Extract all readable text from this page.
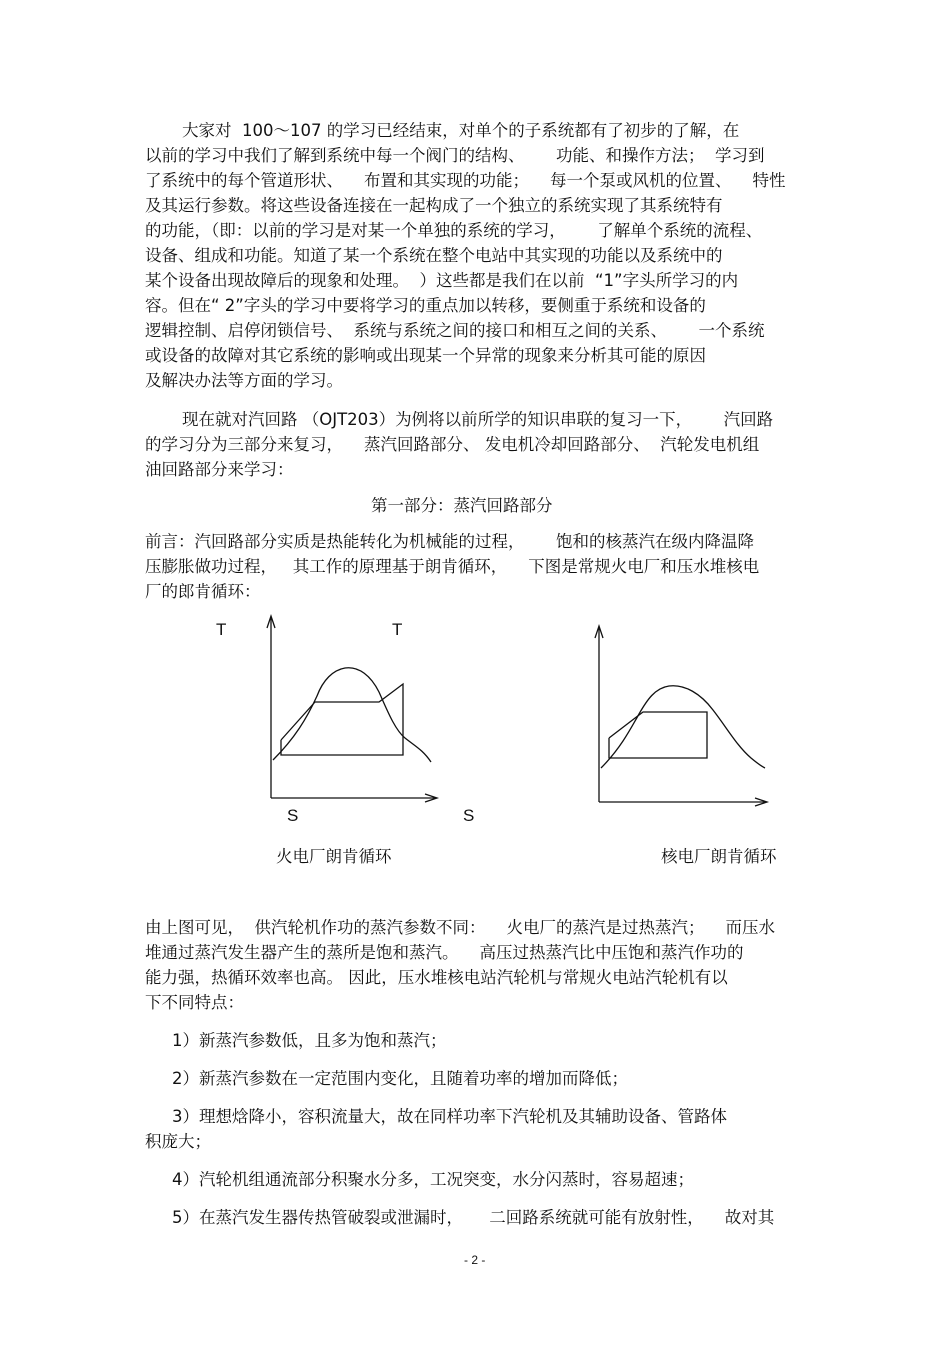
大家对  100～107 的学习已经结束，对单个的子系统都有了初步的了解，在
以前的学习中我们了解到系统中每一个阀门的结构、      功能、和操作方法；  学习到
了系统中的每个管道形状、    布置和其实现的功能；    每一个泵或风机的位置、    特性
及其运行参数。将这些设备连接在一起构成了一个独立的系统实现了其系统特有
的功能，（即：以前的学习是对某一个单独的系统的学习，      了解单个系统的流程、
设备、组成和功能。知道了某一个系统在整个电站中其实现的功能以及系统中的
某个设备出现故障后的现象和处理。  ）这些都是我们在以前  “1”字头所学习的内
容。但在“ 2”字头的学习中要将学习的重点加以转移，要侧重于系统和设备的
逻辑控制、启停闭锁信号、  系统与系统之间的接口和相互之间的关系、      一个系统
或设备的故障对其它系统的影响或出现某一个异常的现象来分析其可能的原因
及解决办法等方面的学习。
现在就对汽回路 （OJT203）为例将以前所学的知识串联的复习一下，      汽回路
的学习分为三部分来复习，    蒸汽回路部分、 发电机冷却回路部分、  汽轮发电机组
油回路部分来学习：
第一部分：蒸汽回路部分
前言：汽回路部分实质是热能转化为机械能的过程，      饱和的核蒸汽在级内降温降
压膨胀做功过程，   其工作的原理基于朗肯循环，    下图是常规火电厂和压水堆核电
厂的郎肯循环：
T	T
S	S
火电厂朗肯循环	核电厂朗肯循环
由上图可见，  供汽轮机作功的蒸汽参数不同：    火电厂的蒸汽是过热蒸汽；    而压水
堆通过蒸汽发生器产生的蒸所是饱和蒸汽。    高压过热蒸汽比中压饱和蒸汽作功的
能力强，热循环效率也高。 因此，压水堆核电站汽轮机与常规火电站汽轮机有以
下不同特点：
1）新蒸汽参数低，且多为饱和蒸汽；
2）新蒸汽参数在一定范围内变化，且随着功率的增加而降低；
3）理想焓降小，容积流量大，故在同样功率下汽轮机及其辅助设备、管路体
积庞大；
4）汽轮机组通流部分积聚水分多，工况突变，水分闪蒸时，容易超速；
5）在蒸汽发生器传热管破裂或泄漏时，     二回路系统就可能有放射性，    故对其
- 2 -
